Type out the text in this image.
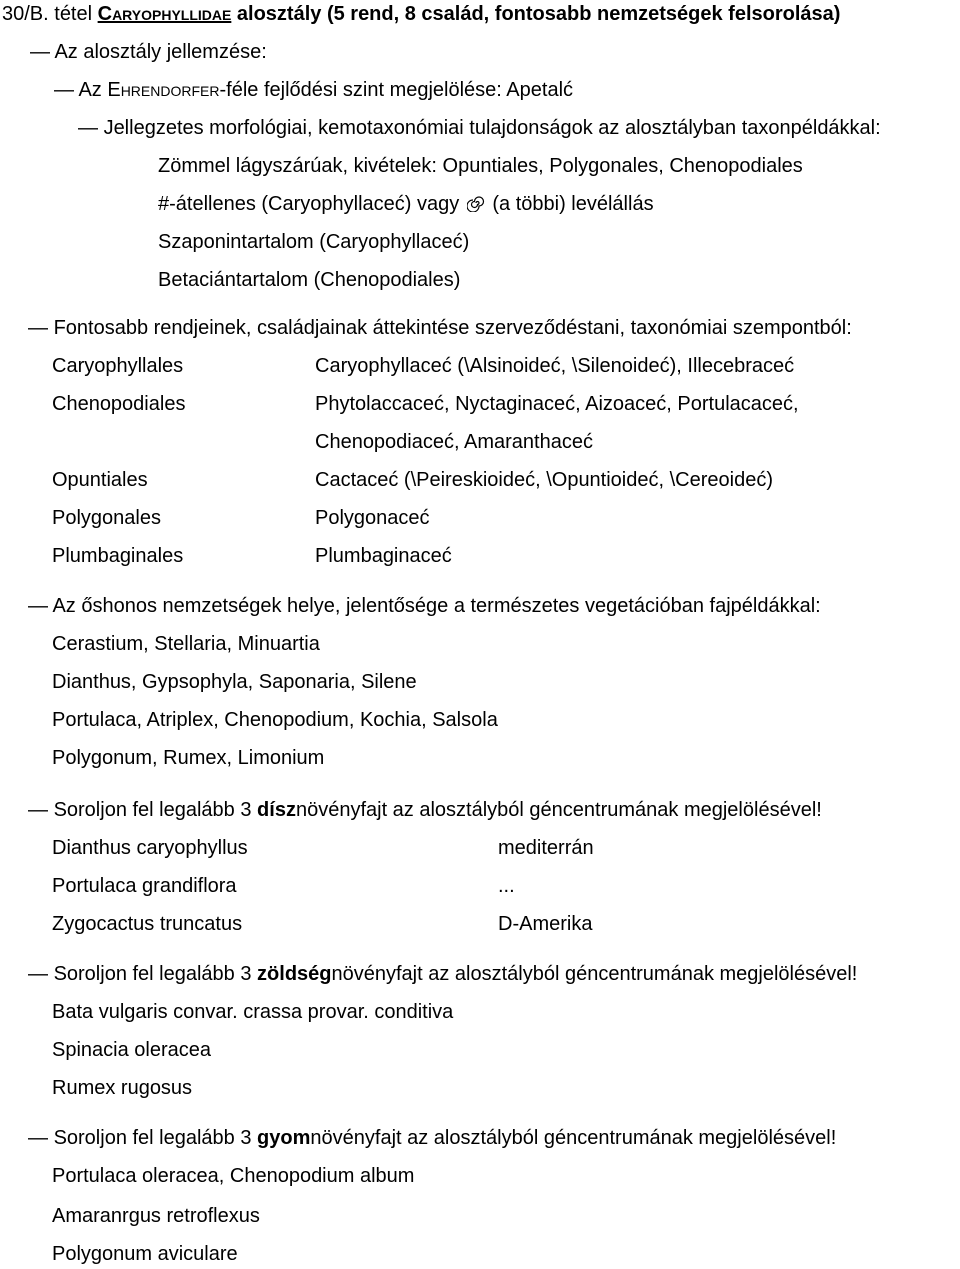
30/B. tétel Caryophyllidae alosztály (5 rend, 8 család, fontosabb nemzetségek felsorolása)
— Az alosztály jellemzése:
— Az Ehrendorfer-féle fejlődési szint megjelölése: Apetalć
— Jellegzetes morfológiai, kemotaxonómiai tulajdonságok az alosztályban taxonpéldákkal:
Zömmel lágyszárúak, kivételek: Opuntiales, Polygonales, Chenopodiales
#-átellenes (Caryophyllaceć) vagy (a többi) levélállás
Szaponintartalom (Caryophyllaceć)
Betaciántartalom (Chenopodiales)
— Fontosabb rendjeinek, családjainak áttekintése szerveződéstani, taxonómiai szempontból:
Caryophyllales	Caryophyllaceć (\Alsinoideć, \Silenoideć), Illecebraceć
Chenopodiales	Phytolaccaceć, Nyctaginaceć, Aizoaceć, Portulacaceć,
Chenopodiaceć, Amaranthaceć
Opuntiales	Cactaceć (\Peireskioideć, \Opuntioideć, \Cereoideć)
Polygonales	Polygonaceć
Plumbaginales	Plumbaginaceć
— Az őshonos nemzetségek helye, jelentősége a természetes vegetációban fajpéldákkal:
Cerastium, Stellaria, Minuartia
Dianthus, Gypsophyla, Saponaria, Silene
Portulaca, Atriplex, Chenopodium, Kochia, Salsola
Polygonum, Rumex, Limonium
— Soroljon fel legalább 3 dísznövényfajt az alosztályból géncentrumának megjelölésével!
Dianthus caryophyllus	mediterrán
Portulaca grandiflora	...
Zygocactus truncatus	D-Amerika
— Soroljon fel legalább 3 zöldségnövényfajt az alosztályból géncentrumának megjelölésével!
Bata vulgaris convar. crassa provar. conditiva
Spinacia oleracea
Rumex rugosus
— Soroljon fel legalább 3 gyomnövényfajt az alosztályból géncentrumának megjelölésével!
Portulaca oleracea, Chenopodium album
Amaranrgus retroflexus
Polygonum aviculare
